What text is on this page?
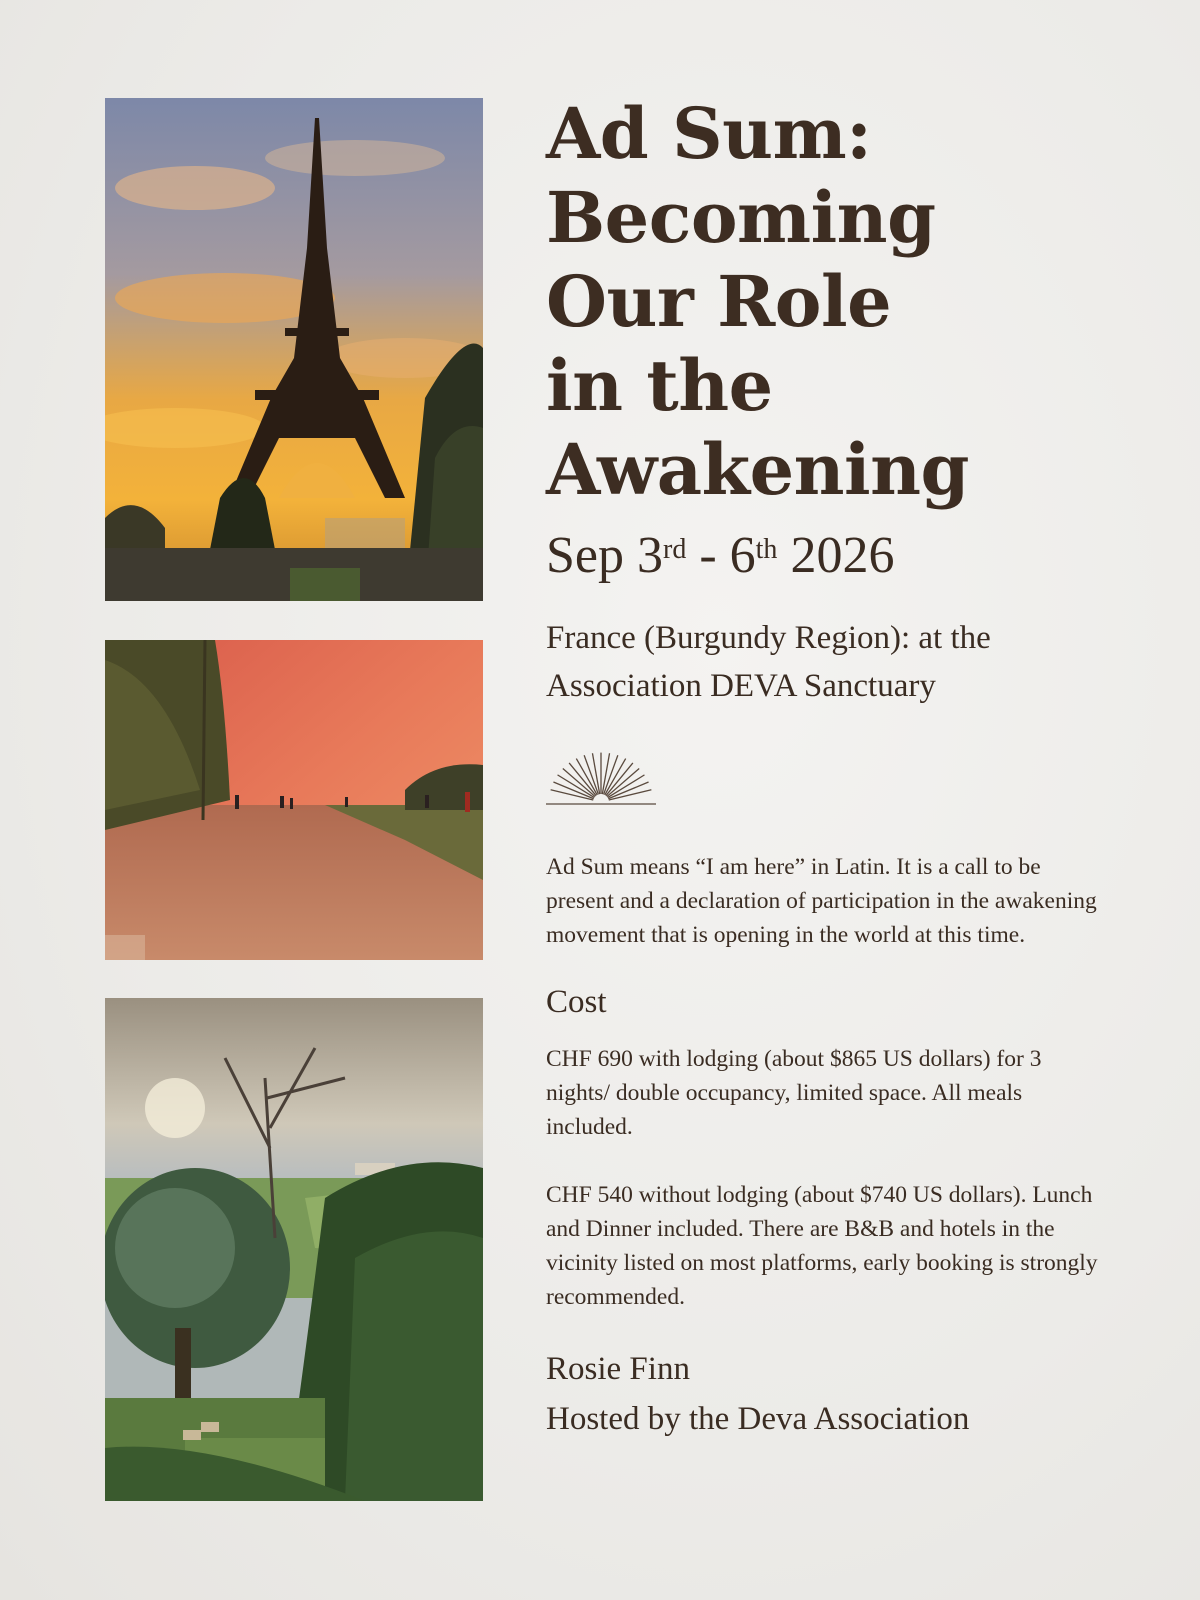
Ad Sum:
Becoming
Our Role
in the
Awakening
Sep 3rd - 6th 2026
France (Burgundy Region): at the
Association DEVA Sanctuary

Ad Sum means “I am here” in Latin. It is a call to be present and a declaration of participation in the awakening movement that is opening in the world at this time.

Cost

CHF 690 with lodging (about $865 US dollars) for 3 nights/ double occupancy, limited space. All meals included.

CHF 540 without lodging (about $740 US dollars). Lunch and Dinner included. There are B&B and hotels in the vicinity listed on most platforms, early booking is strongly recommended.

Rosie Finn
Hosted by the Deva Association
